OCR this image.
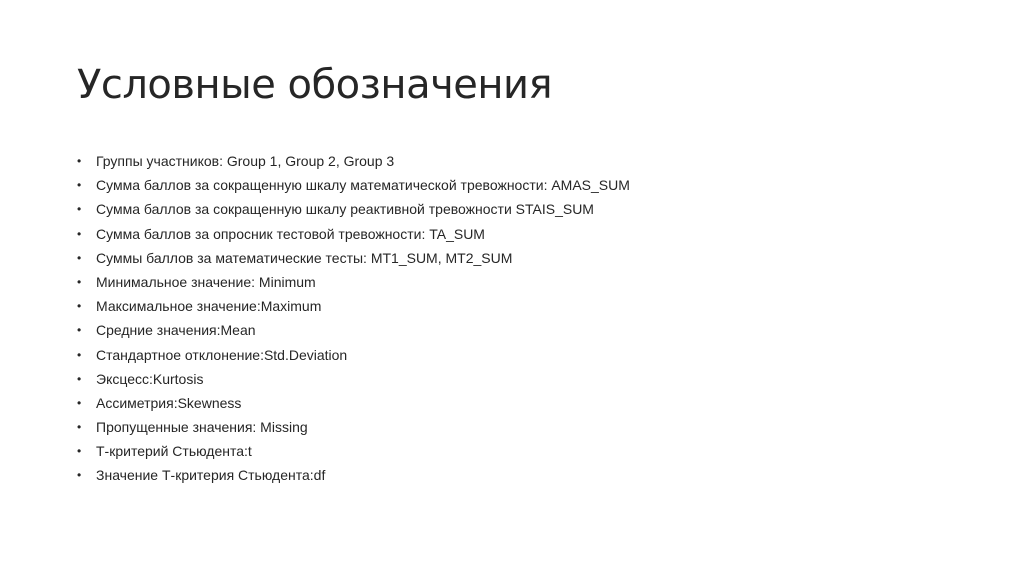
Условные обозначения
• Группы участников: Group 1, Group 2, Group 3
• Сумма баллов за сокращенную шкалу математической тревожности: AMAS_SUM
• Сумма баллов за сокращенную шкалу реактивной тревожности STAIS_SUM
• Сумма баллов за опросник тестовой тревожности: TA_SUM
• Суммы баллов за математические тесты: MT1_SUM, MT2_SUM
• Минимальное значение: Minimum
• Максимальное значение:Maximum
• Средние значения:Mean
• Стандартное отклонение:Std.Deviation
• Эксцесс:Kurtosis
• Ассиметрия:Skewness
• Пропущенные значения: Missing
• Т-критерий Стьюдента:t
• Значение Т-критерия Стьюдента:df
